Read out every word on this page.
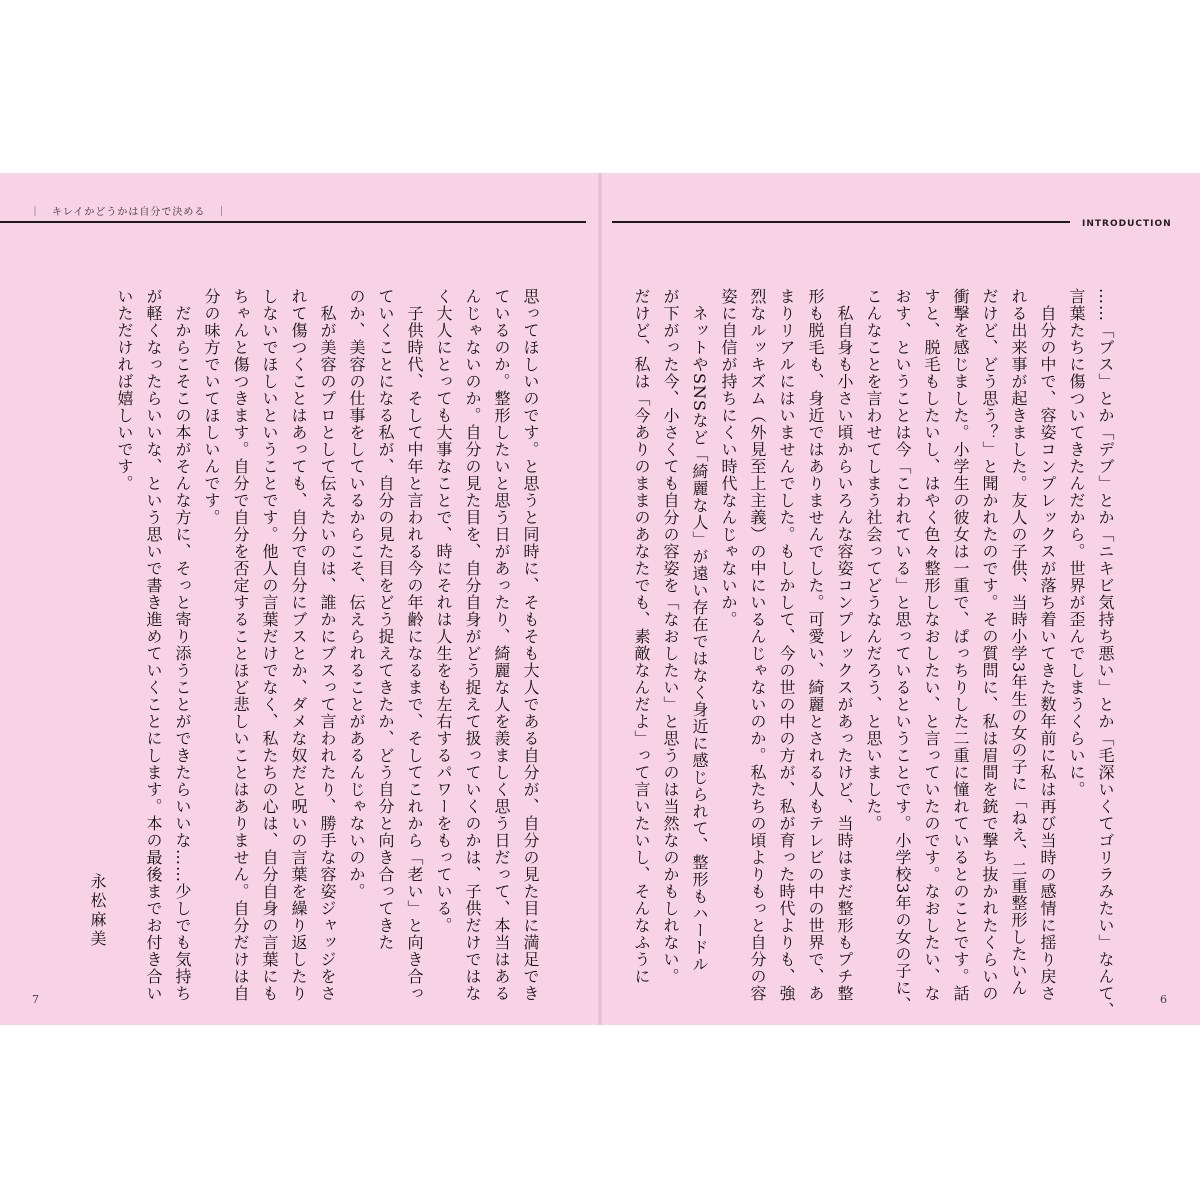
｜　キレイかどうかは自分で決める　｜
INTRODUCTION

……「ブス」とか「デブ」とか「ニキビ気持ち悪い」とか「毛深いくてゴリラみたい」なんて、
言葉たちに傷ついてきたんだから。世界が歪んでしまうくらいに。
　自分の中で、容姿コンプレックスが落ち着いてきた数年前に私は再び当時の感情に揺り戻さ
れる出来事が起きました。友人の子供、当時小学3年生の女の子に「ねえ、二重整形したいん
だけど、どう思う？」と聞かれたのです。その質問に、私は眉間を銃で撃ち抜かれたくらいの
衝撃を感じました。小学生の彼女は一重で、ぱっちりした二重に憧れているとのことです。話
すと、脱毛もしたいし、はやく色々整形しなおしたい、と言っていたのです。なおしたい、な
おす、ということは今「こわれている」と思っているということです。小学校3年の女の子に、
こんなことを言わせてしまう社会ってどうなんだろう、と思いました。
　私自身も小さい頃からいろんな容姿コンプレックスがあったけど、当時はまだ整形もプチ整
形も脱毛も、身近ではありませんでした。可愛い、綺麗とされる人もテレビの中の世界で、あ
まりリアルにはいませんでした。もしかして、今の世の中の方が、私が育った時代よりも、強
烈なルッキズム（外見至上主義）の中にいるんじゃないのか。私たちの頃よりもっと自分の容
姿に自信が持ちにくい時代なんじゃないか。
　ネットやSNSなど「綺麗な人」が遠い存在ではなく身近に感じられて、整形もハードル
が下がった今、小さくても自分の容姿を「なおしたい」と思うのは当然なのかもしれない。
だけど、私は「今ありのままのあなたでも、素敵なんだよ」って言いたいし、そんなふうに

思ってほしいのです。と思うと同時に、そもそも大人である自分が、自分の見た目に満足でき
ているのか。整形したいと思う日があったり、綺麗な人を羨ましく思う日だって、本当はある
んじゃないのか。自分の見た目を、自分自身がどう捉えて扱っていくのかは、子供だけではな
く大人にとっても大事なことで、時にそれは人生をも左右するパワーをもっている。
　子供時代、そして中年と言われる今の年齢になるまで、そしてこれから「老い」と向き合っ
ていくことになる私が、自分の見た目をどう捉えてきたか、どう自分と向き合ってきた
のか、美容の仕事をしているからこそ、伝えられることがあるんじゃないのか。
　私が美容のプロとして伝えたいのは、誰かにブスって言われたり、勝手な容姿ジャッジをさ
れて傷つくことはあっても、自分で自分にブスとか、ダメな奴だと呪いの言葉を繰り返したり
しないでほしいということです。他人の言葉だけでなく、私たちの心は、自分自身の言葉にも
ちゃんと傷つきます。自分で自分を否定することほど悲しいことはありません。自分だけは自
分の味方でいてほしいんです。
　だからこそこの本がそんな方に、そっと寄り添うことができたらいいな……少しでも気持ち
が軽くなったらいいな、という思いで書き進めていくことにします。本の最後までお付き合い
いただければ嬉しいです。

永松麻美
7	6
